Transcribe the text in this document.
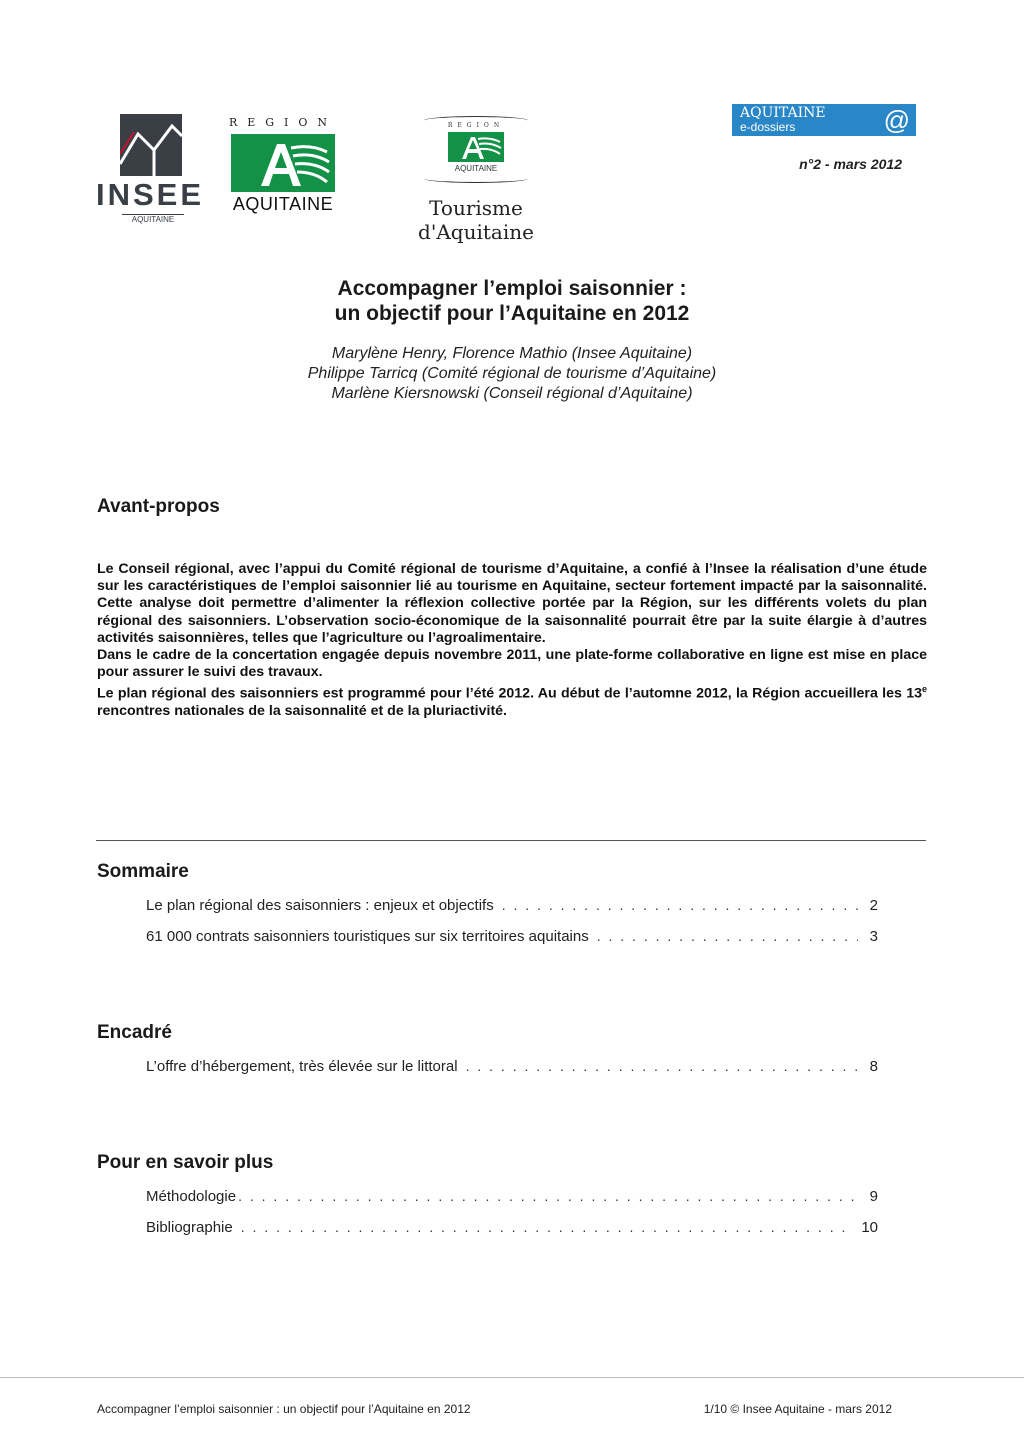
INSEE
AQUITAINE
REGION
AQUITAINE
REGION
AQUITAINE
Tourisme d'Aquitaine
AQUITAINE
e-dossiers	@
n°2 - mars 2012
Accompagner l’emploi saisonnier :
un objectif pour l’Aquitaine en 2012
Marylène Henry, Florence Mathio (Insee Aquitaine)
Philippe Tarricq (Comité régional de tourisme d’Aquitaine)
Marlène Kiersnowski (Conseil régional d’Aquitaine)
Avant-propos

Le Conseil régional, avec l’appui du Comité régional de tourisme d’Aquitaine, a confié à l’Insee la réalisation d’une étude sur les caractéristiques de l’emploi saisonnier lié au tourisme en Aquitaine, secteur fortement impacté par la saisonnalité. Cette analyse doit permettre d’alimenter la réflexion collective portée par la Région, sur les différents volets du plan régional des saisonniers. L’observation socio-économique de la saisonnalité pourrait être par la suite élargie à d’autres activités saisonnières, telles que l’agriculture ou l’agroalimentaire.

Dans le cadre de la concertation engagée depuis novembre 2011, une plate-forme collaborative en ligne est mise en place pour assurer le suivi des travaux.

Le plan régional des saisonniers est programmé pour l’été 2012. Au début de l’automne 2012, la Région accueillera les 13e rencontres nationales de la saisonnalité et de la pluriactivité.

Sommaire
Le plan régional des saisonniers : enjeux et objectifs . . .	2
61 000 contrats saisonniers touristiques sur six territoires aquitains . . .	3
Encadré
L’offre d’hébergement, très élevée sur le littoral . . .	8
Pour en savoir plus
Méthodologie . . .	9
Bibliographie . . .	10
Accompagner l’emploi saisonnier : un objectif pour l’Aquitaine en 2012	1/10 © Insee Aquitaine - mars 2012
